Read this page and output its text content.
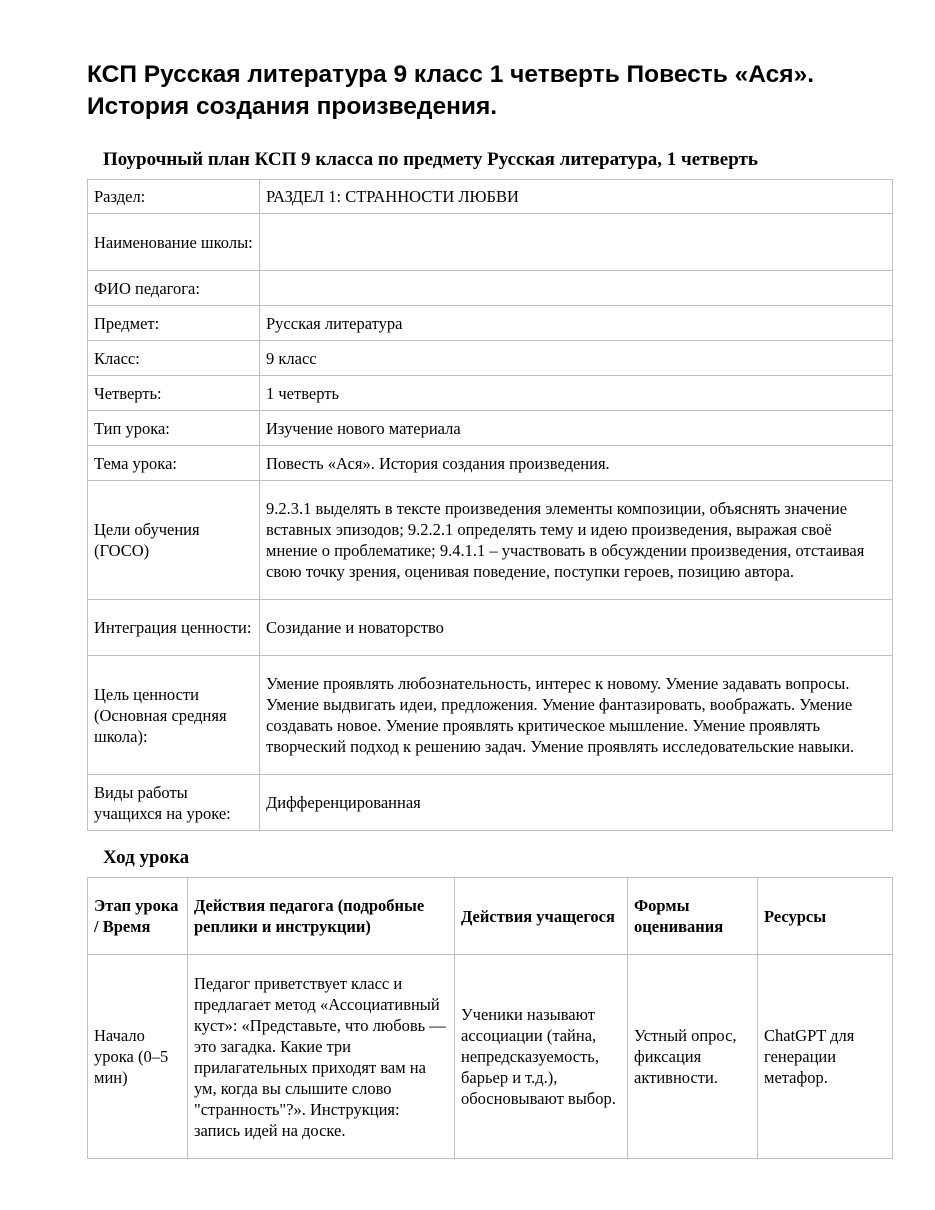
КСП Русская литература 9 класс 1 четверть Повесть «Ася». История создания произведения.
Поурочный план КСП 9 класса по предмету Русская литература, 1 четверть
Раздел:	РАЗДЕЛ 1: СТРАННОСТИ ЛЮБВИ
Наименование школы:	
ФИО педагога:	
Предмет:	Русская литература
Класс:	9 класс
Четверть:	1 четверть
Тип урока:	Изучение нового материала
Тема урока:	Повесть «Ася». История создания произведения.
Цели обучения (ГОСО)	9.2.3.1 выделять в тексте произведения элементы композиции, объяснять значение вставных эпизодов; 9.2.2.1 определять тему и идею произведения, выражая своё мнение о проблематике; 9.4.1.1 – участвовать в обсуждении произведения, отстаивая свою точку зрения, оценивая поведение, поступки героев, позицию автора.
Интеграция ценности:	Созидание и новаторство
Цель ценности (Основная средняя школа):	Умение проявлять любознательность, интерес к новому. Умение задавать вопросы. Умение выдвигать идеи, предложения. Умение фантазировать, воображать. Умение создавать новое. Умение проявлять критическое мышление. Умение проявлять творческий подход к решению задач. Умение проявлять исследовательские навыки.
Виды работы учащихся на уроке:	Дифференцированная
Ход урока
Этап урока / Время	Действия педагога (подробные реплики и инструкции)	Действия учащегося	Формы оценивания	Ресурсы
Начало урока (0–5 мин)	Педагог приветствует класс и предлагает метод «Ассоциативный куст»: «Представьте, что любовь — это загадка. Какие три прилагательных приходят вам на ум, когда вы слышите слово "странность"?». Инструкция: запись идей на доске.	Ученики называют ассоциации (тайна, непредсказуемость, барьер и т.д.), обосновывают выбор.	Устный опрос, фиксация активности.	ChatGPT для генерации метафор.
